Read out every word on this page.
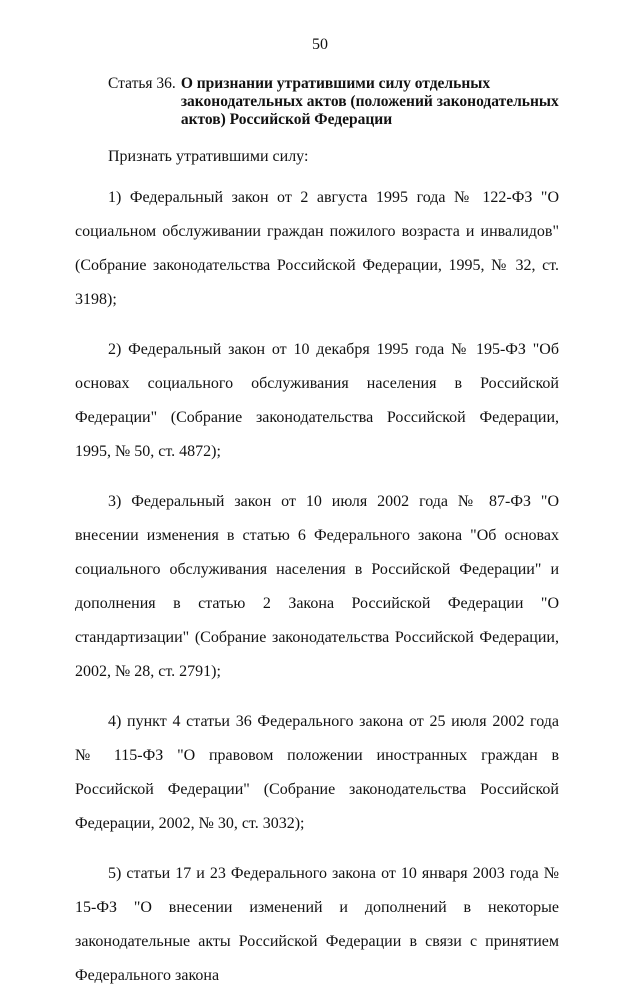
50
Статья 36. О признании утратившими силу отдельных законодательных актов (положений законодательных актов) Российской Федерации
Признать утратившими силу:

1) Федеральный закон от 2 августа 1995 года № 122-ФЗ "О социальном обслуживании граждан пожилого возраста и инвалидов" (Собрание законодательства Российской Федерации, 1995, № 32, ст. 3198);

2) Федеральный закон от 10 декабря 1995 года № 195-ФЗ "Об основах социального обслуживания населения в Российской Федерации" (Собрание законодательства Российской Федерации, 1995, № 50, ст. 4872);

3) Федеральный закон от 10 июля 2002 года № 87-ФЗ "О внесении изменения в статью 6 Федерального закона "Об основах социального обслуживания населения в Российской Федерации" и дополнения в статью 2 Закона Российской Федерации "О стандартизации" (Собрание законодательства Российской Федерации, 2002, № 28, ст. 2791);

4) пункт 4 статьи 36 Федерального закона от 25 июля 2002 года № 115-ФЗ "О правовом положении иностранных граждан в Российской Федерации" (Собрание законодательства Российской Федерации, 2002, № 30, ст. 3032);

5) статьи 17 и 23 Федерального закона от 10 января 2003 года № 15-ФЗ "О внесении изменений и дополнений в некоторые законодательные акты Российской Федерации в связи с принятием Федерального закона
